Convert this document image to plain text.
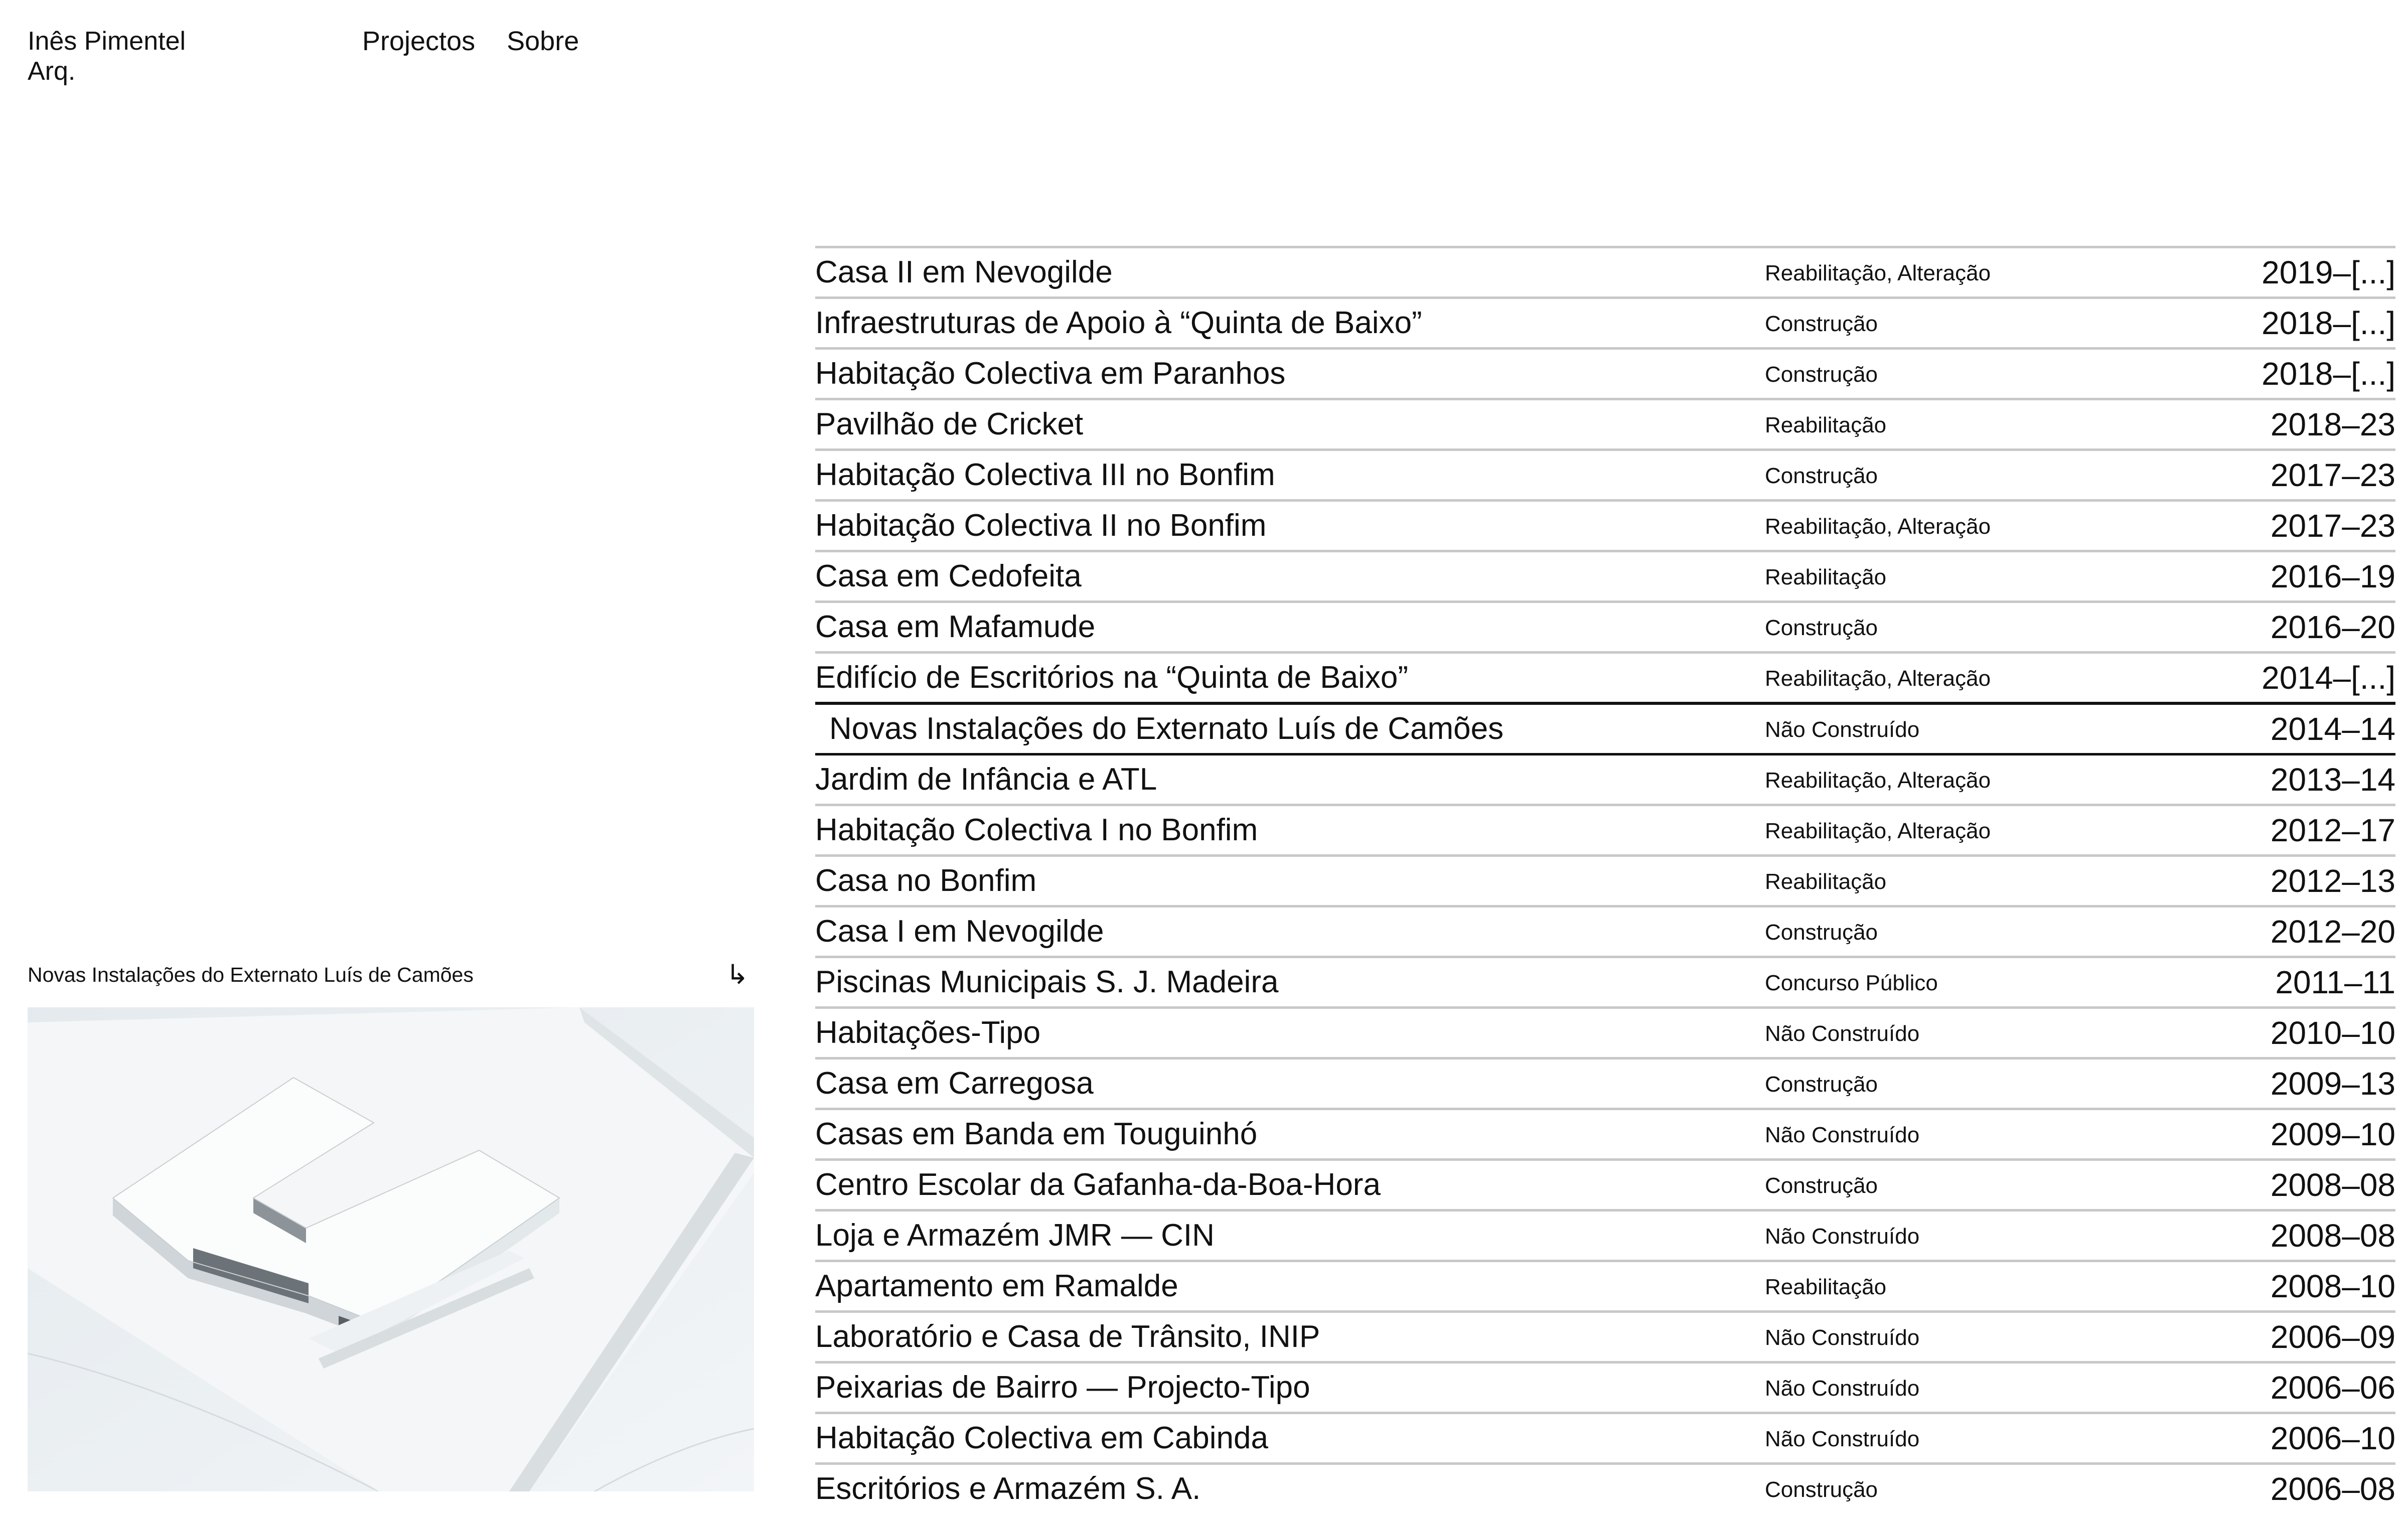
Inês Pimentel
Arq.
Projectos Sobre
Casa II em Nevogilde	Reabilitação, Alteração	2019–[...]
Infraestruturas de Apoio à “Quinta de Baixo”	Construção	2018–[...]
Habitação Colectiva em Paranhos	Construção	2018–[...]
Pavilhão de Cricket	Reabilitação	2018–23
Habitação Colectiva III no Bonfim	Construção	2017–23
Habitação Colectiva II no Bonfim	Reabilitação, Alteração	2017–23
Casa em Cedofeita	Reabilitação	2016–19
Casa em Mafamude	Construção	2016–20
Edifício de Escritórios na “Quinta de Baixo”	Reabilitação, Alteração	2014–[...]
Novas Instalações do Externato Luís de Camões	Não Construído	2014–14
Jardim de Infância e ATL	Reabilitação, Alteração	2013–14
Habitação Colectiva I no Bonfim	Reabilitação, Alteração	2012–17
Casa no Bonfim	Reabilitação	2012–13
Casa I em Nevogilde	Construção	2012–20
Piscinas Municipais S. J. Madeira	Concurso Público	2011–11
Habitações-Tipo	Não Construído	2010–10
Casa em Carregosa	Construção	2009–13
Casas em Banda em Touguinhó	Não Construído	2009–10
Centro Escolar da Gafanha-da-Boa-Hora	Construção	2008–08
Loja e Armazém JMR — CIN	Não Construído	2008–08
Apartamento em Ramalde	Reabilitação	2008–10
Laboratório e Casa de Trânsito, INIP	Não Construído	2006–09
Peixarias de Bairro — Projecto-Tipo	Não Construído	2006–06
Habitação Colectiva em Cabinda	Não Construído	2006–10
Escritórios e Armazém S. A.	Construção	2006–08
Novas Instalações do Externato Luís de Camões	↳
